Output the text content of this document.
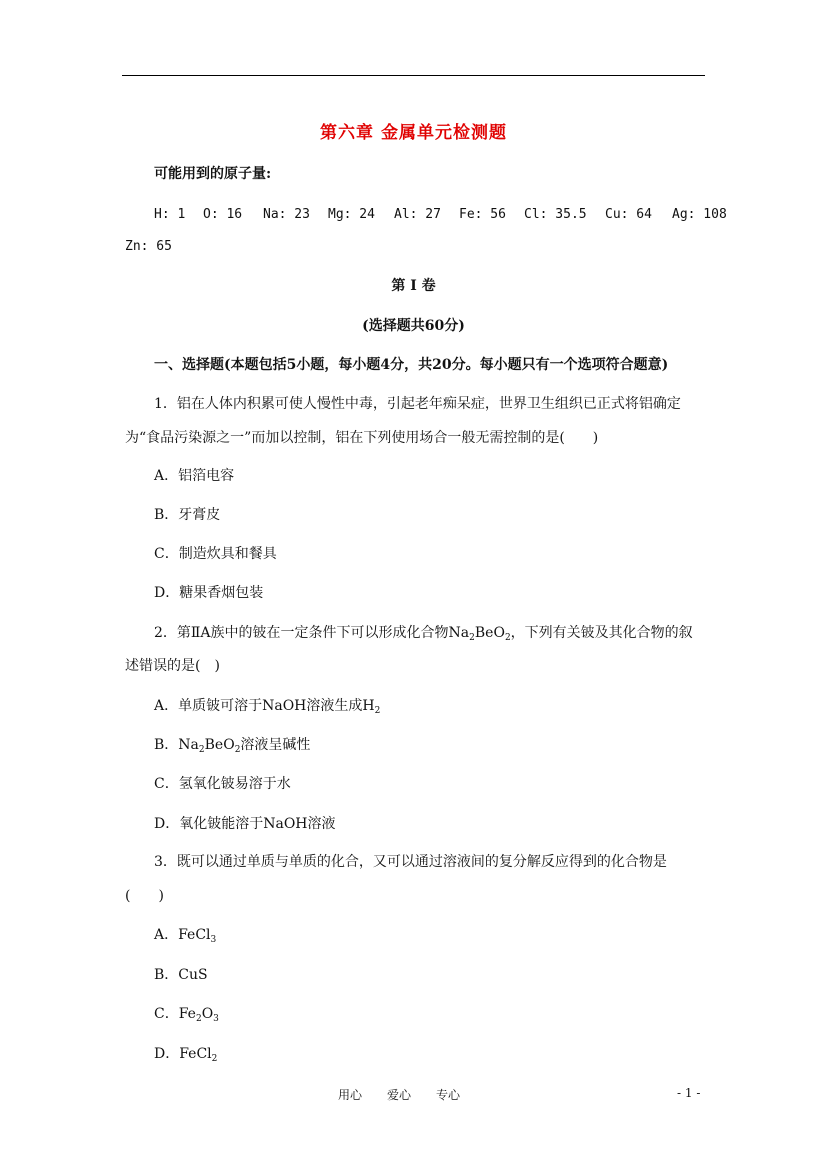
第六章 金属单元检测题
可能用到的原子量:
H: 1 O: 16 Na: 23 Mg: 24 Al: 27 Fe: 56 Cl: 35.5 Cu: 64 Ag: 108
Zn: 65
第 I 卷
(选择题共60分)
一、选择题(本题包括5小题，每小题4分，共20分。每小题只有一个选项符合题意)
1．铝在人体内积累可使人慢性中毒，引起老年痴呆症，世界卫生组织已正式将铝确定
为“食品污染源之一”而加以控制，铝在下列使用场合一般无需控制的是(　　)
A．铝箔电容
B．牙膏皮
C．制造炊具和餐具
D．糖果香烟包装
2．第ⅡA族中的铍在一定条件下可以形成化合物$Na_2BeO_2$，下列有关铍及其化合物的叙
述错误的是(　)
A．单质铍可溶于NaOH溶液生成$H_2$
B．$Na_2BeO_2$溶液呈碱性
C．氢氧化铍易溶于水
D．氧化铍能溶于NaOH溶液
3．既可以通过单质与单质的化合，又可以通过溶液间的复分解反应得到的化合物是
(　　)
A．FeCl$_3$
B．CuS
C．$Fe_2O_3$
D．FeCl$_2$
用心 爱心 专心	- 1 -
